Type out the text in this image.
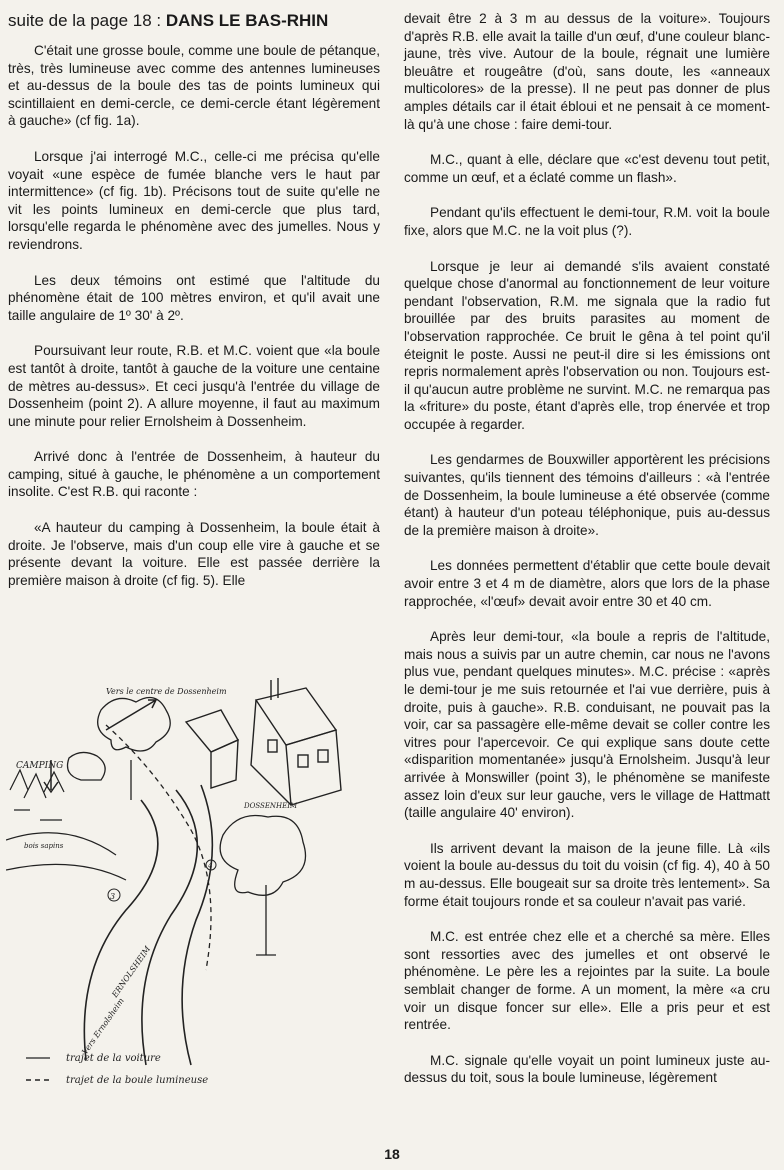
suite de la page 18 : DANS LE BAS-RHIN

C'était une grosse boule, comme une boule de pétanque, très, très lumineuse avec comme des antennes lumineuses et au-dessus de la boule des tas de points lumineux qui scintillaient en demi-cercle, ce demi-cercle étant légèrement à gauche» (cf fig. 1a).

Lorsque j'ai interrogé M.C., celle-ci me précisa qu'elle voyait «une espèce de fumée blanche vers le haut par intermittence» (cf fig. 1b). Précisons tout de suite qu'elle ne vit les points lumineux en demi-cercle que plus tard, lorsqu'elle regarda le phénomène avec des jumelles. Nous y reviendrons.

Les deux témoins ont estimé que l'altitude du phénomène était de 100 mètres environ, et qu'il avait une taille angulaire de 1º 30' à 2º.

Poursuivant leur route, R.B. et M.C. voient que «la boule est tantôt à droite, tantôt à gauche de la voiture une centaine de mètres au-dessus». Et ceci jusqu'à l'entrée du village de Dossenheim (point 2). A allure moyenne, il faut au maximum une minute pour relier Ernolsheim à Dossenheim.

Arrivé donc à l'entrée de Dossenheim, à hauteur du camping, situé à gauche, le phénomène a un comportement insolite. C'est R.B. qui raconte :

«A hauteur du camping à Dossenheim, la boule était à droite. Je l'observe, mais d'un coup elle vire à gauche et se présente devant la voiture. Elle est passée derrière la première maison à droite (cf fig. 5). Elle

3
4
CAMPING
Vers le centre de Dossenheim
bois sapins
DOSSENHEIM
ERNOLSHEIM
Vers Ernolsheim
trajet de la voiture
trajet de la boule lumineuse

devait être 2 à 3 m au dessus de la voiture». Toujours d'après R.B. elle avait la taille d'un œuf, d'une couleur blanc-jaune, très vive. Autour de la boule, régnait une lumière bleuâtre et rougeâtre (d'où, sans doute, les «anneaux multicolores» de la presse). Il ne peut pas donner de plus amples détails car il était ébloui et ne pensait à ce moment-là qu'à une chose : faire demi-tour.

M.C., quant à elle, déclare que «c'est devenu tout petit, comme un œuf, et a éclaté comme un flash».

Pendant qu'ils effectuent le demi-tour, R.M. voit la boule fixe, alors que M.C. ne la voit plus (?).

Lorsque je leur ai demandé s'ils avaient constaté quelque chose d'anormal au fonctionnement de leur voiture pendant l'observation, R.M. me signala que la radio fut brouillée par des bruits parasites au moment de l'observation rapprochée. Ce bruit le gêna à tel point qu'il éteignit le poste. Aussi ne peut-il dire si les émissions ont repris normalement après l'observation ou non. Toujours est-il qu'aucun autre problème ne survint. M.C. ne remarqua pas la «friture» du poste, étant d'après elle, trop énervée et trop occupée à regarder.

Les gendarmes de Bouxwiller apportèrent les précisions suivantes, qu'ils tiennent des témoins d'ailleurs : «à l'entrée de Dossenheim, la boule lumineuse a été observée (comme étant) à hauteur d'un poteau téléphonique, puis au-dessus de la première maison à droite».

Les données permettent d'établir que cette boule devait avoir entre 3 et 4 m de diamètre, alors que lors de la phase rapprochée, «l'œuf» devait avoir entre 30 et 40 cm.

Après leur demi-tour, «la boule a repris de l'altitude, mais nous a suivis par un autre chemin, car nous ne l'avons plus vue, pendant quelques minutes». M.C. précise : «après le demi-tour je me suis retournée et l'ai vue derrière, puis à droite, puis à gauche». R.B. conduisant, ne pouvait pas la voir, car sa passagère elle-même devait se coller contre les vitres pour l'apercevoir. Ce qui explique sans doute cette «disparition momentanée» jusqu'à Ernolsheim. Jusqu'à leur arrivée à Monswiller (point 3), le phénomène se manifeste assez loin d'eux sur leur gauche, vers le village de Hattmatt (taille angulaire 40' environ).

Ils arrivent devant la maison de la jeune fille. Là «ils voient la boule au-dessus du toit du voisin (cf fig. 4), 40 à 50 m au-dessus. Elle bougeait sur sa droite très lentement». Sa forme était toujours ronde et sa couleur n'avait pas varié.

M.C. est entrée chez elle et a cherché sa mère. Elles sont ressorties avec des jumelles et ont observé le phénomène. Le père les a rejointes par la suite. La boule semblait changer de forme. A un moment, la mère «a cru voir un disque foncer sur elle». Elle a pris peur et est rentrée.

M.C. signale qu'elle voyait un point lumineux juste au-dessus du toit, sous la boule lumineuse, légèrement

18
